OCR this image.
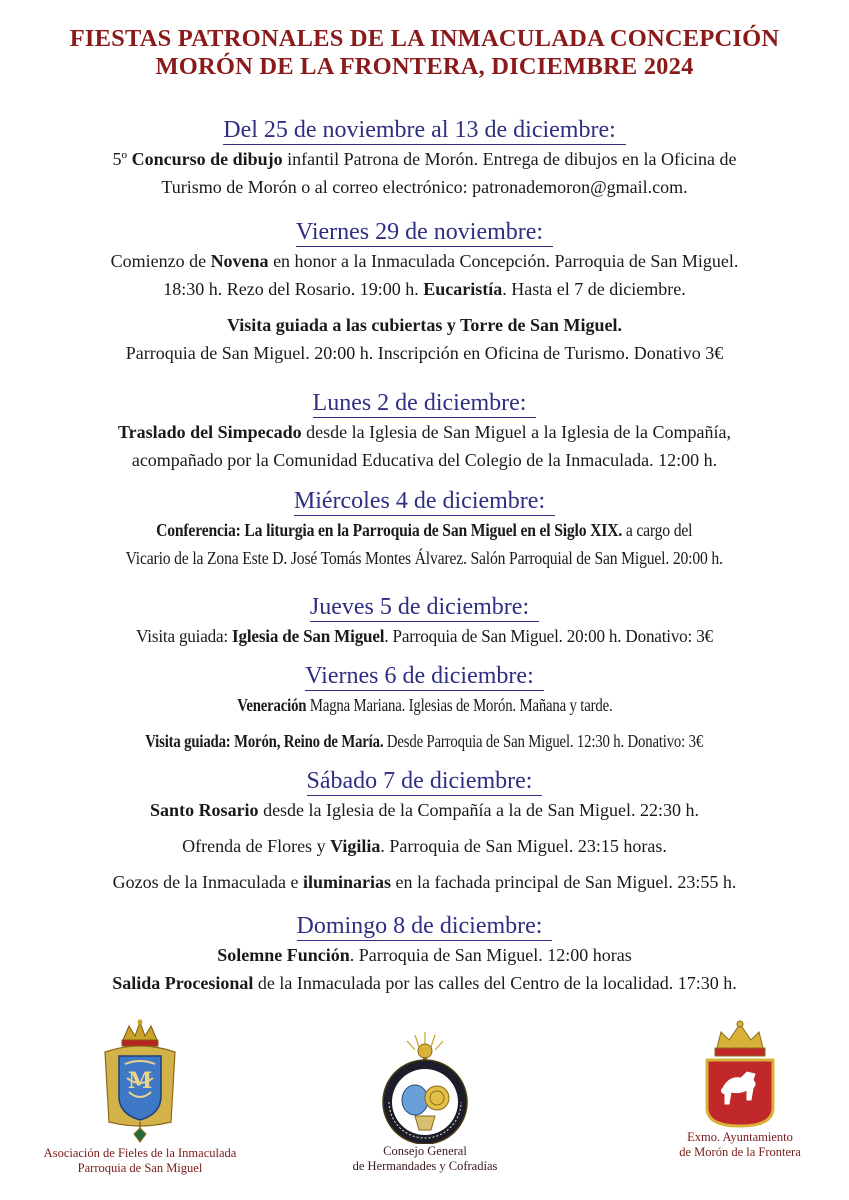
FIESTAS PATRONALES DE LA INMACULADA CONCEPCIÓN
MORÓN DE LA FRONTERA, DICIEMBRE 2024
Del 25 de noviembre al 13 de diciembre:
5º Concurso de dibujo infantil Patrona de Morón. Entrega de dibujos en la Oficina de
Turismo de Morón o al correo electrónico: patronademoron@gmail.com.
Viernes 29 de noviembre:
Comienzo de Novena en honor a la Inmaculada Concepción. Parroquia de San Miguel.
18:30 h. Rezo del Rosario. 19:00 h. Eucaristía. Hasta el 7 de diciembre.
Visita guiada a las cubiertas y Torre de San Miguel.
Parroquia de San Miguel. 20:00 h. Inscripción en Oficina de Turismo. Donativo 3€
Lunes 2 de diciembre:
Traslado del Simpecado desde la Iglesia de San Miguel a la Iglesia de la Compañía,
acompañado por la Comunidad Educativa del Colegio de la Inmaculada. 12:00 h.
Miércoles 4 de diciembre:
Conferencia: La liturgia en la Parroquia de San Miguel en el Siglo XIX. a cargo del
Vicario de la Zona Este D. José Tomás Montes Álvarez. Salón Parroquial de San Miguel. 20:00 h.
Jueves 5 de diciembre:
Visita guiada: Iglesia de San Miguel. Parroquia de San Miguel. 20:00 h. Donativo: 3€
Viernes 6 de diciembre:
Veneración Magna Mariana. Iglesias de Morón. Mañana y tarde.
Visita guiada: Morón, Reino de María. Desde Parroquia de San Miguel. 12:30 h. Donativo: 3€
Sábado 7 de diciembre:
Santo Rosario desde la Iglesia de la Compañía a la de San Miguel. 22:30 h.
Ofrenda de Flores y Vigilia. Parroquia de San Miguel. 23:15 horas.
Gozos de la Inmaculada e iluminarias en la fachada principal de San Miguel. 23:55 h.
Domingo 8 de diciembre:
Solemne Función. Parroquia de San Miguel. 12:00 horas
Salida Procesional de la Inmaculada por las calles del Centro de la localidad. 17:30 h.
M
Asociación de Fieles de la Inmaculada
Parroquia de San Miguel
Consejo General
de Hermandades y Cofradías
Exmo. Ayuntamiento
de Morón de la Frontera
